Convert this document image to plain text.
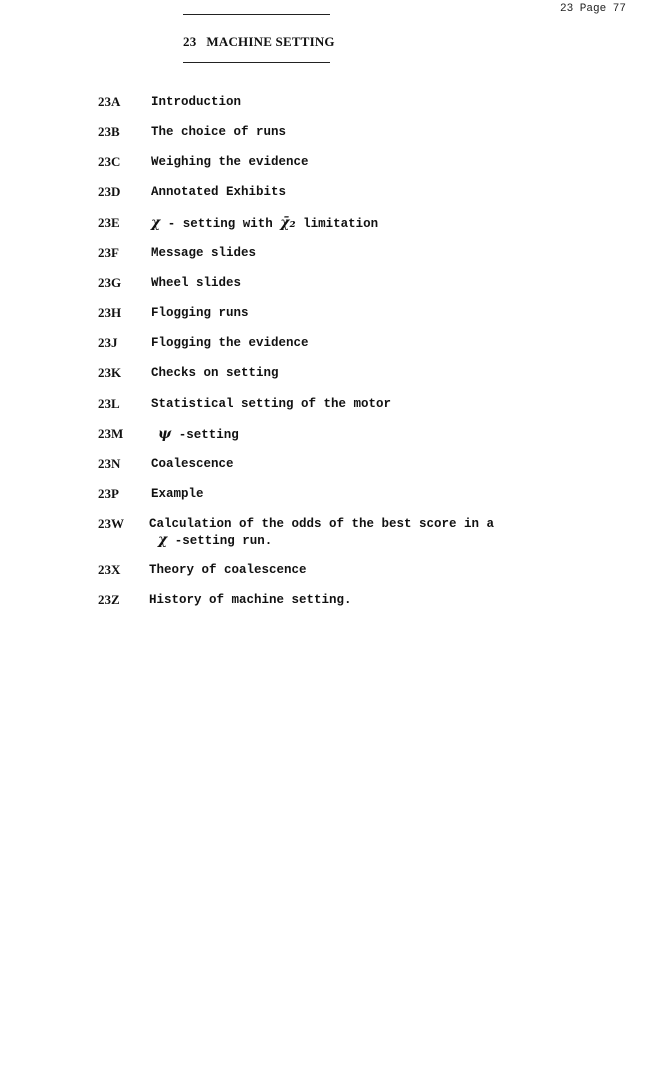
23 Page 77
23 MACHINE SETTING
23A	Introduction
23B	The choice of runs
23C	Weighing the evidence
23D	Annotated Exhibits
23E	χ - setting with χ̄₂ limitation
23F	Message slides
23G	Wheel slides
23H	Flogging runs
23J	Flogging the evidence
23K	Checks on setting
23L	Statistical setting of the motor
23M	ψ -setting
23N	Coalescence
23P	Example
23W	Calculation of the odds of the best score in a
χ -setting run.
23X	Theory of coalescence
23Z	History of machine setting.
